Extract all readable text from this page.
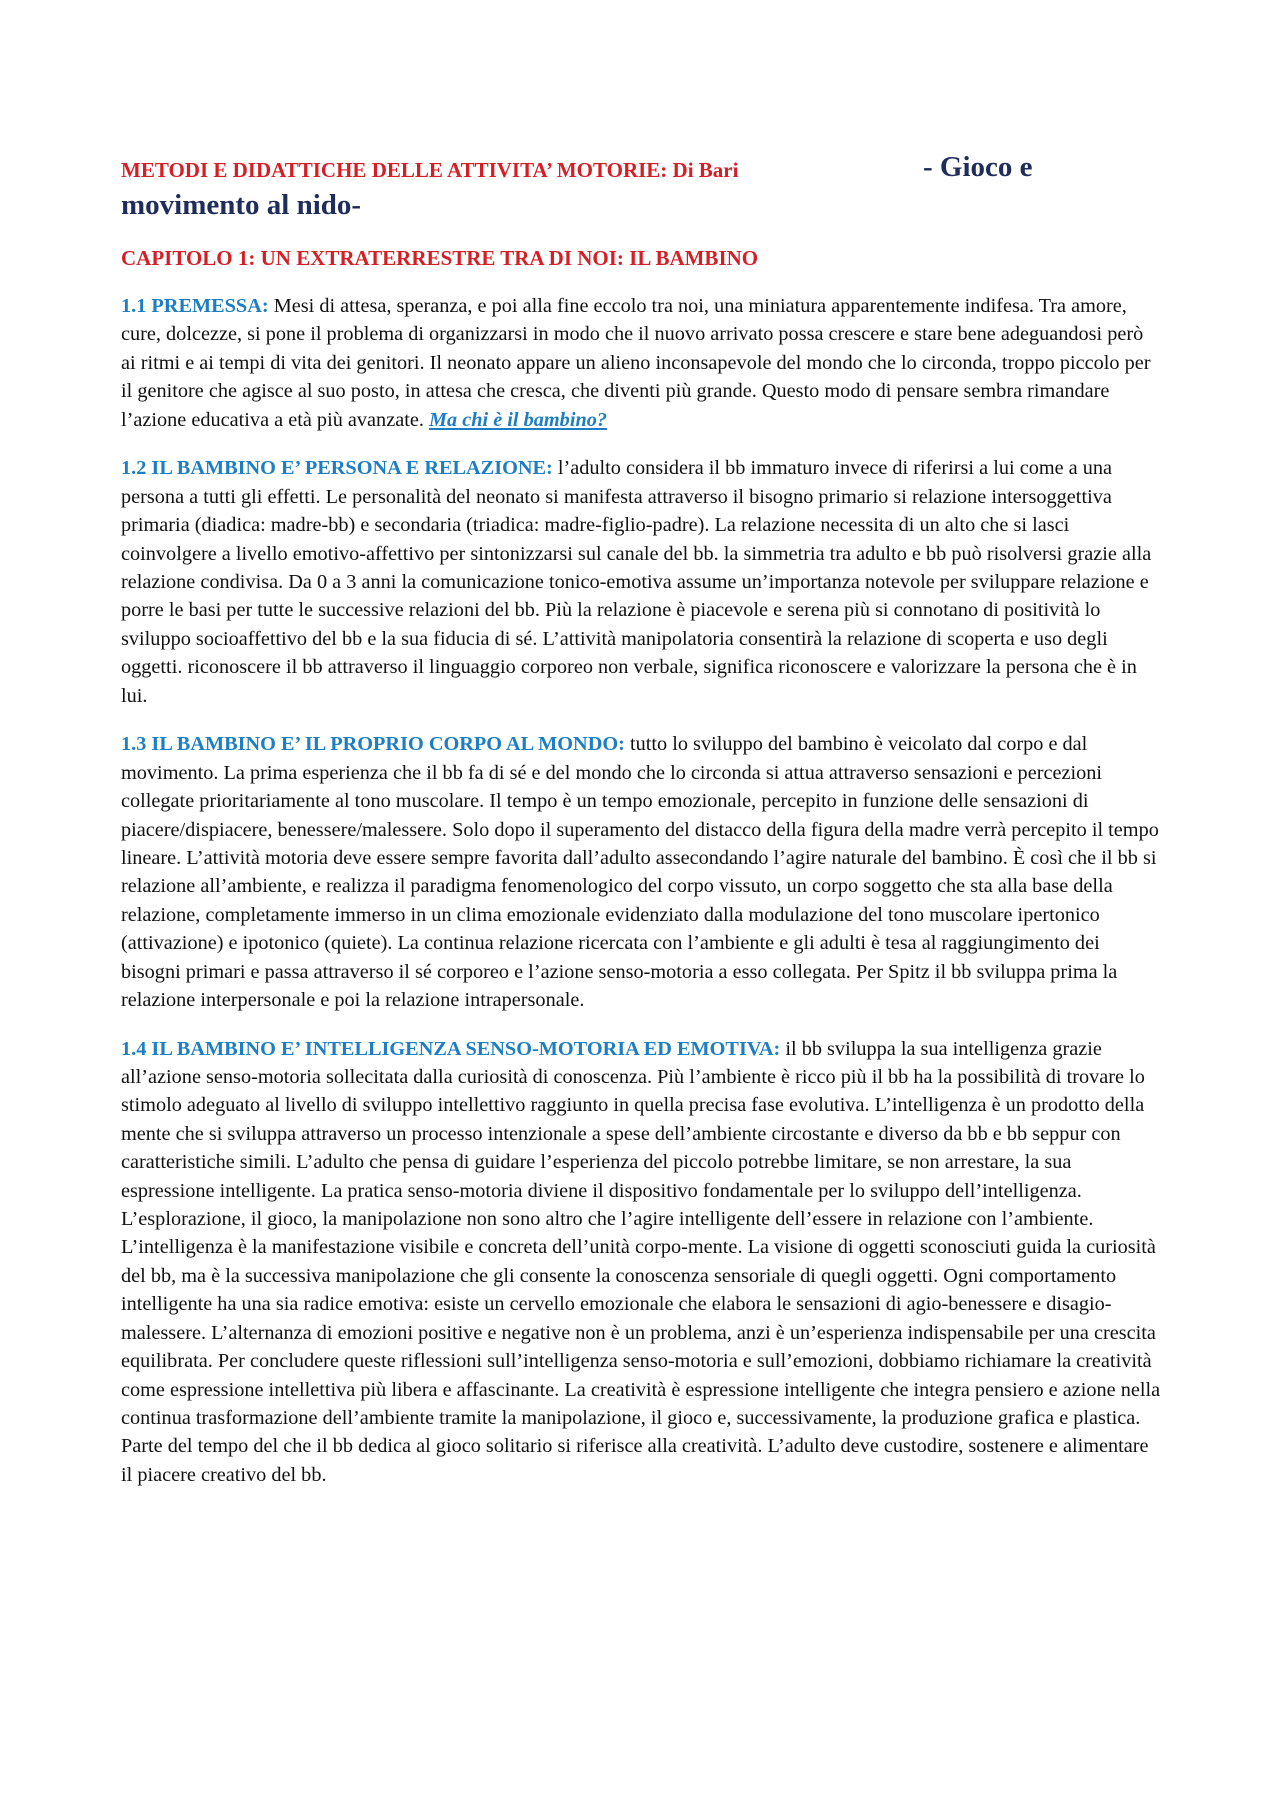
METODI E DIDATTICHE DELLE ATTIVITA’ MOTORIE: Di Bari	- Gioco e
movimento al nido-
CAPITOLO 1: UN EXTRATERRESTRE TRA DI NOI: IL BAMBINO

1.1 PREMESSA: Mesi di attesa, speranza, e poi alla fine eccolo tra noi, una miniatura apparentemente indifesa. Tra amore, cure, dolcezze, si pone il problema di organizzarsi in modo che il nuovo arrivato possa crescere e stare bene adeguandosi però ai ritmi e ai tempi di vita dei genitori. Il neonato appare un alieno inconsapevole del mondo che lo circonda, troppo piccolo per il genitore che agisce al suo posto, in attesa che cresca, che diventi più grande. Questo modo di pensare sembra rimandare l’azione educativa a età più avanzate. Ma chi è il bambino?

1.2 IL BAMBINO E’ PERSONA E RELAZIONE: l’adulto considera il bb immaturo invece di riferirsi a lui come a una persona a tutti gli effetti. Le personalità del neonato si manifesta attraverso il bisogno primario si relazione intersoggettiva primaria (diadica: madre-bb) e secondaria (triadica: madre-figlio-padre). La relazione necessita di un alto che si lasci coinvolgere a livello emotivo-affettivo per sintonizzarsi sul canale del bb. la simmetria tra adulto e bb può risolversi grazie alla relazione condivisa. Da 0 a 3 anni la comunicazione tonico-emotiva assume un’importanza notevole per sviluppare relazione e porre le basi per tutte le successive relazioni del bb. Più la relazione è piacevole e serena più si connotano di positività lo sviluppo socioaffettivo del bb e la sua fiducia di sé. L’attività manipolatoria consentirà la relazione di scoperta e uso degli oggetti. riconoscere il bb attraverso il linguaggio corporeo non verbale, significa riconoscere e valorizzare la persona che è in lui.

1.3 IL BAMBINO E’ IL PROPRIO CORPO AL MONDO: tutto lo sviluppo del bambino è veicolato dal corpo e dal movimento. La prima esperienza che il bb fa di sé e del mondo che lo circonda si attua attraverso sensazioni e percezioni collegate prioritariamente al tono muscolare. Il tempo è un tempo emozionale, percepito in funzione delle sensazioni di piacere/dispiacere, benessere/malessere. Solo dopo il superamento del distacco della figura della madre verrà percepito il tempo lineare. L’attività motoria deve essere sempre favorita dall’adulto assecondando l’agire naturale del bambino. È così che il bb si relazione all’ambiente, e realizza il paradigma fenomenologico del corpo vissuto, un corpo soggetto che sta alla base della relazione, completamente immerso in un clima emozionale evidenziato dalla modulazione del tono muscolare ipertonico (attivazione) e ipotonico (quiete). La continua relazione ricercata con l’ambiente e gli adulti è tesa al raggiungimento dei bisogni primari e passa attraverso il sé corporeo e l’azione senso-motoria a esso collegata. Per Spitz il bb sviluppa prima la relazione interpersonale e poi la relazione intrapersonale.

1.4 IL BAMBINO E’ INTELLIGENZA SENSO-MOTORIA ED EMOTIVA: il bb sviluppa la sua intelligenza grazie all’azione senso-motoria sollecitata dalla curiosità di conoscenza. Più l’ambiente è ricco più il bb ha la possibilità di trovare lo stimolo adeguato al livello di sviluppo intellettivo raggiunto in quella precisa fase evolutiva. L’intelligenza è un prodotto della mente che si sviluppa attraverso un processo intenzionale a spese dell’ambiente circostante e diverso da bb e bb seppur con caratteristiche simili. L’adulto che pensa di guidare l’esperienza del piccolo potrebbe limitare, se non arrestare, la sua espressione intelligente. La pratica senso-motoria diviene il dispositivo fondamentale per lo sviluppo dell’intelligenza. L’esplorazione, il gioco, la manipolazione non sono altro che l’agire intelligente dell’essere in relazione con l’ambiente. L’intelligenza è la manifestazione visibile e concreta dell’unità corpo-mente. La visione di oggetti sconosciuti guida la curiosità del bb, ma è la successiva manipolazione che gli consente la conoscenza sensoriale di quegli oggetti. Ogni comportamento intelligente ha una sia radice emotiva: esiste un cervello emozionale che elabora le sensazioni di agio-benessere e disagio-malessere. L’alternanza di emozioni positive e negative non è un problema, anzi è un’esperienza indispensabile per una crescita equilibrata. Per concludere queste riflessioni sull’intelligenza senso-motoria e sull’emozioni, dobbiamo richiamare la creatività come espressione intellettiva più libera e affascinante. La creatività è espressione intelligente che integra pensiero e azione nella continua trasformazione dell’ambiente tramite la manipolazione, il gioco e, successivamente, la produzione grafica e plastica. Parte del tempo del che il bb dedica al gioco solitario si riferisce alla creatività. L’adulto deve custodire, sostenere e alimentare il piacere creativo del bb.
